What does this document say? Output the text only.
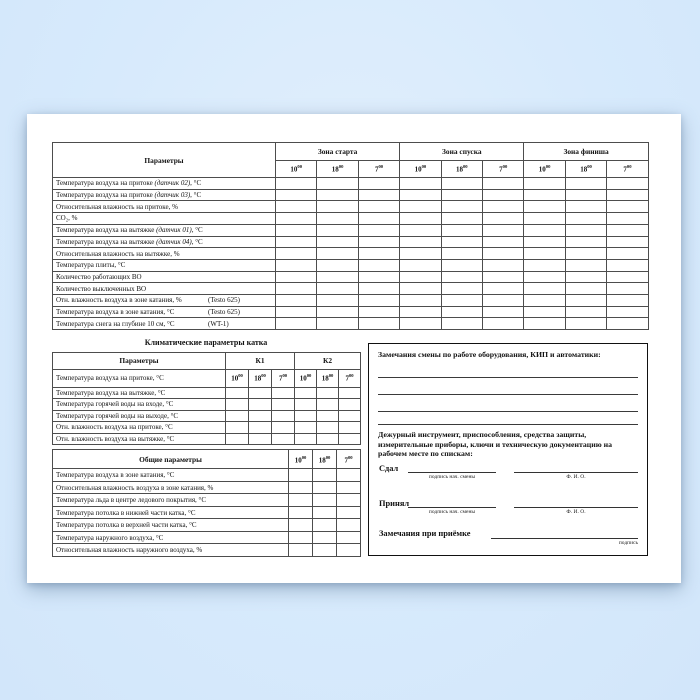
Параметры	Зона старта			Зона спуска			Зона финиша		
	$10^{00}$	$18^{00}$	$7^{00}$	$10^{00}$	$18^{00}$	$7^{00}$	$10^{00}$	$18^{00}$	$7^{00}$
Температура воздуха на притоке (датчик 02), °C

Температура воздуха на притоке (датчик 03), °C

Относительная влажность на притоке, %

CO₂, %

Температура воздуха на вытяжке (датчик 01), °C

Температура воздуха на вытяжке (датчик 04), °C

Относительная влажность на вытяжке, %

Температура плиты, °C

Количество работающих ВО

Количество выключенных ВО

Отн. влажность воздуха в зоне катания, % (Testo 625)									

Температура воздуха в зоне катания, °C (Testo 625)									

Температура снега на глубине 10 см, °C (WT-1)									

Климатические параметры катка
Параметры	К1			К2		
Температура воздуха на притоке, °C	$10^{00}$	$18^{00}$	$7^{00}$	$10^{00}$	$18^{00}$	$7^{00}$
Температура воздуха на вытяжке, °C						
Температура горячей воды на входе, °C						
Температура горячей воды на выходе, °C						
Отн. влажность воздуха на притоке, °C						
Отн. влажность воздуха на вытяжке, °C						
Общие параметры	$10^{00}$	$18^{00}$	$7^{00}$
Температура воздуха в зоне катания, °C			
Относительная влажность воздуха в зоне катания, %			
Температура льда в центре ледового покрытия, °C			
Температура потолка в нижней части катка, °C			
Температура потолка в верхней части катка, °C			
Температура наружного воздуха, °C			
Относительная влажность наружного воздуха, %			
Замечания смены по работе оборудования, КИП и автоматики:
Дежурный инструмент, приспособления, средства защиты, измерительные приборы, ключи и техническую документацию на рабочем месте по спискам:
Сдал
подпись нач. смены	Ф. И. О.
Принял
подпись нач. смены	Ф. И. О.
Замечания при приёмке
подпись
